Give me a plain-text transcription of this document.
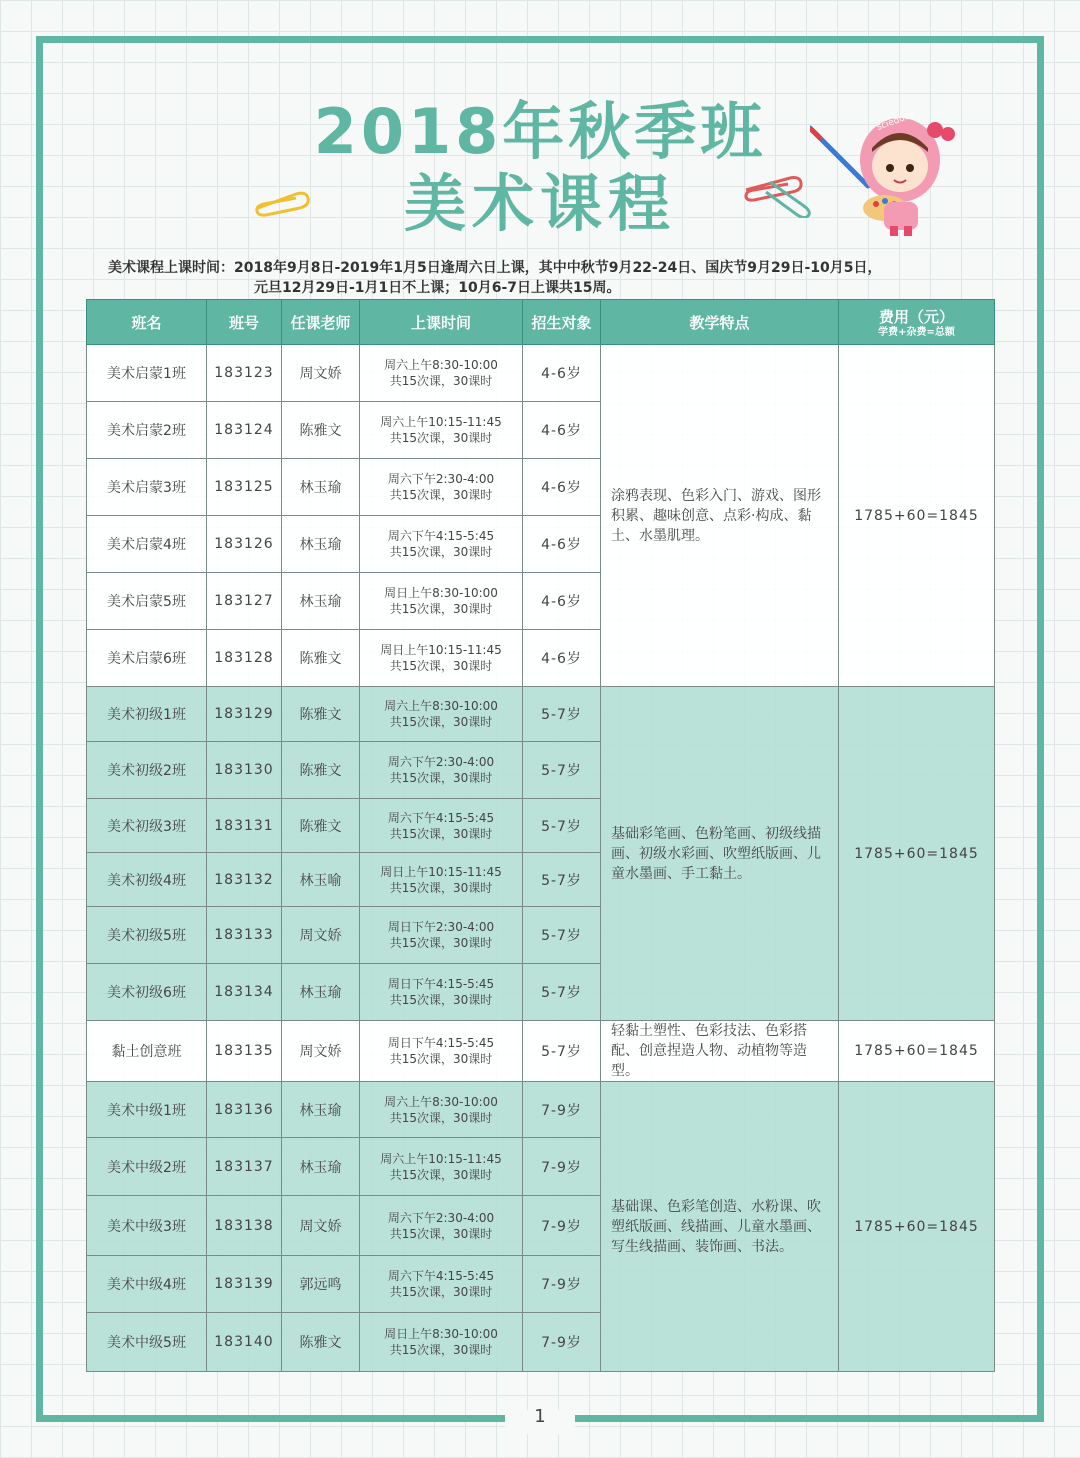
1
2018年秋季班
美术课程
scieduce
美术课程上课时间：2018年9月8日-2019年1月5日逢周六日上课，其中中秋节9月22-24日、国庆节9月29日-10月5日，
元旦12月29日-1月1日不上课；10月6-7日上课共15周。
班名	班号	任课老师	上课时间	招生对象	教学特点	费用（元）
学费+杂费=总额

美术启蒙1班	183123	周文娇	周六上午8:30-10:00
共15次课，30课时	4-6岁	涂鸦表现、色彩入门、游戏、图形积累、趣味创意、点彩·构成、黏土、水墨肌理。	1785+60=1845
美术启蒙2班	183124	陈雅文	周六上午10:15-11:45
共15次课，30课时	4-6岁		
美术启蒙3班	183125	林玉瑜	周六下午2:30-4:00
共15次课，30课时	4-6岁		
美术启蒙4班	183126	林玉瑜	周六下午4:15-5:45
共15次课，30课时	4-6岁		
美术启蒙5班	183127	林玉瑜	周日上午8:30-10:00
共15次课，30课时	4-6岁		
美术启蒙6班	183128	陈雅文	周日上午10:15-11:45
共15次课，30课时	4-6岁		
美术初级1班	183129	陈雅文	周六上午8:30-10:00
共15次课，30课时	5-7岁	基础彩笔画、色粉笔画、初级线描画、初级水彩画、吹塑纸版画、儿童水墨画、手工黏土。	1785+60=1845
美术初级2班	183130	陈雅文	周六下午2:30-4:00
共15次课，30课时	5-7岁		
美术初级3班	183131	陈雅文	周六下午4:15-5:45
共15次课，30课时	5-7岁		
美术初级4班	183132	林玉喻	周日上午10:15-11:45
共15次课，30课时	5-7岁		
美术初级5班	183133	周文娇	周日下午2:30-4:00
共15次课，30课时	5-7岁		
美术初级6班	183134	林玉瑜	周日下午4:15-5:45
共15次课，30课时	5-7岁		
黏土创意班	183135	周文娇	周日下午4:15-5:45
共15次课，30课时	5-7岁	轻黏土塑性、色彩技法、色彩搭配、创意捏造人物、动植物等造型。	1785+60=1845
美术中级1班	183136	林玉瑜	周六上午8:30-10:00
共15次课，30课时	7-9岁	基础课、色彩笔创造、水粉课、吹塑纸版画、线描画、儿童水墨画、写生线描画、装饰画、书法。	1785+60=1845
美术中级2班	183137	林玉瑜	周六上午10:15-11:45
共15次课，30课时	7-9岁		
美术中级3班	183138	周文娇	周六下午2:30-4:00
共15次课，30课时	7-9岁		
美术中级4班	183139	郭远鸣	周六下午4:15-5:45
共15次课，30课时	7-9岁		
美术中级5班	183140	陈雅文	周日上午8:30-10:00
共15次课，30课时	7-9岁		
